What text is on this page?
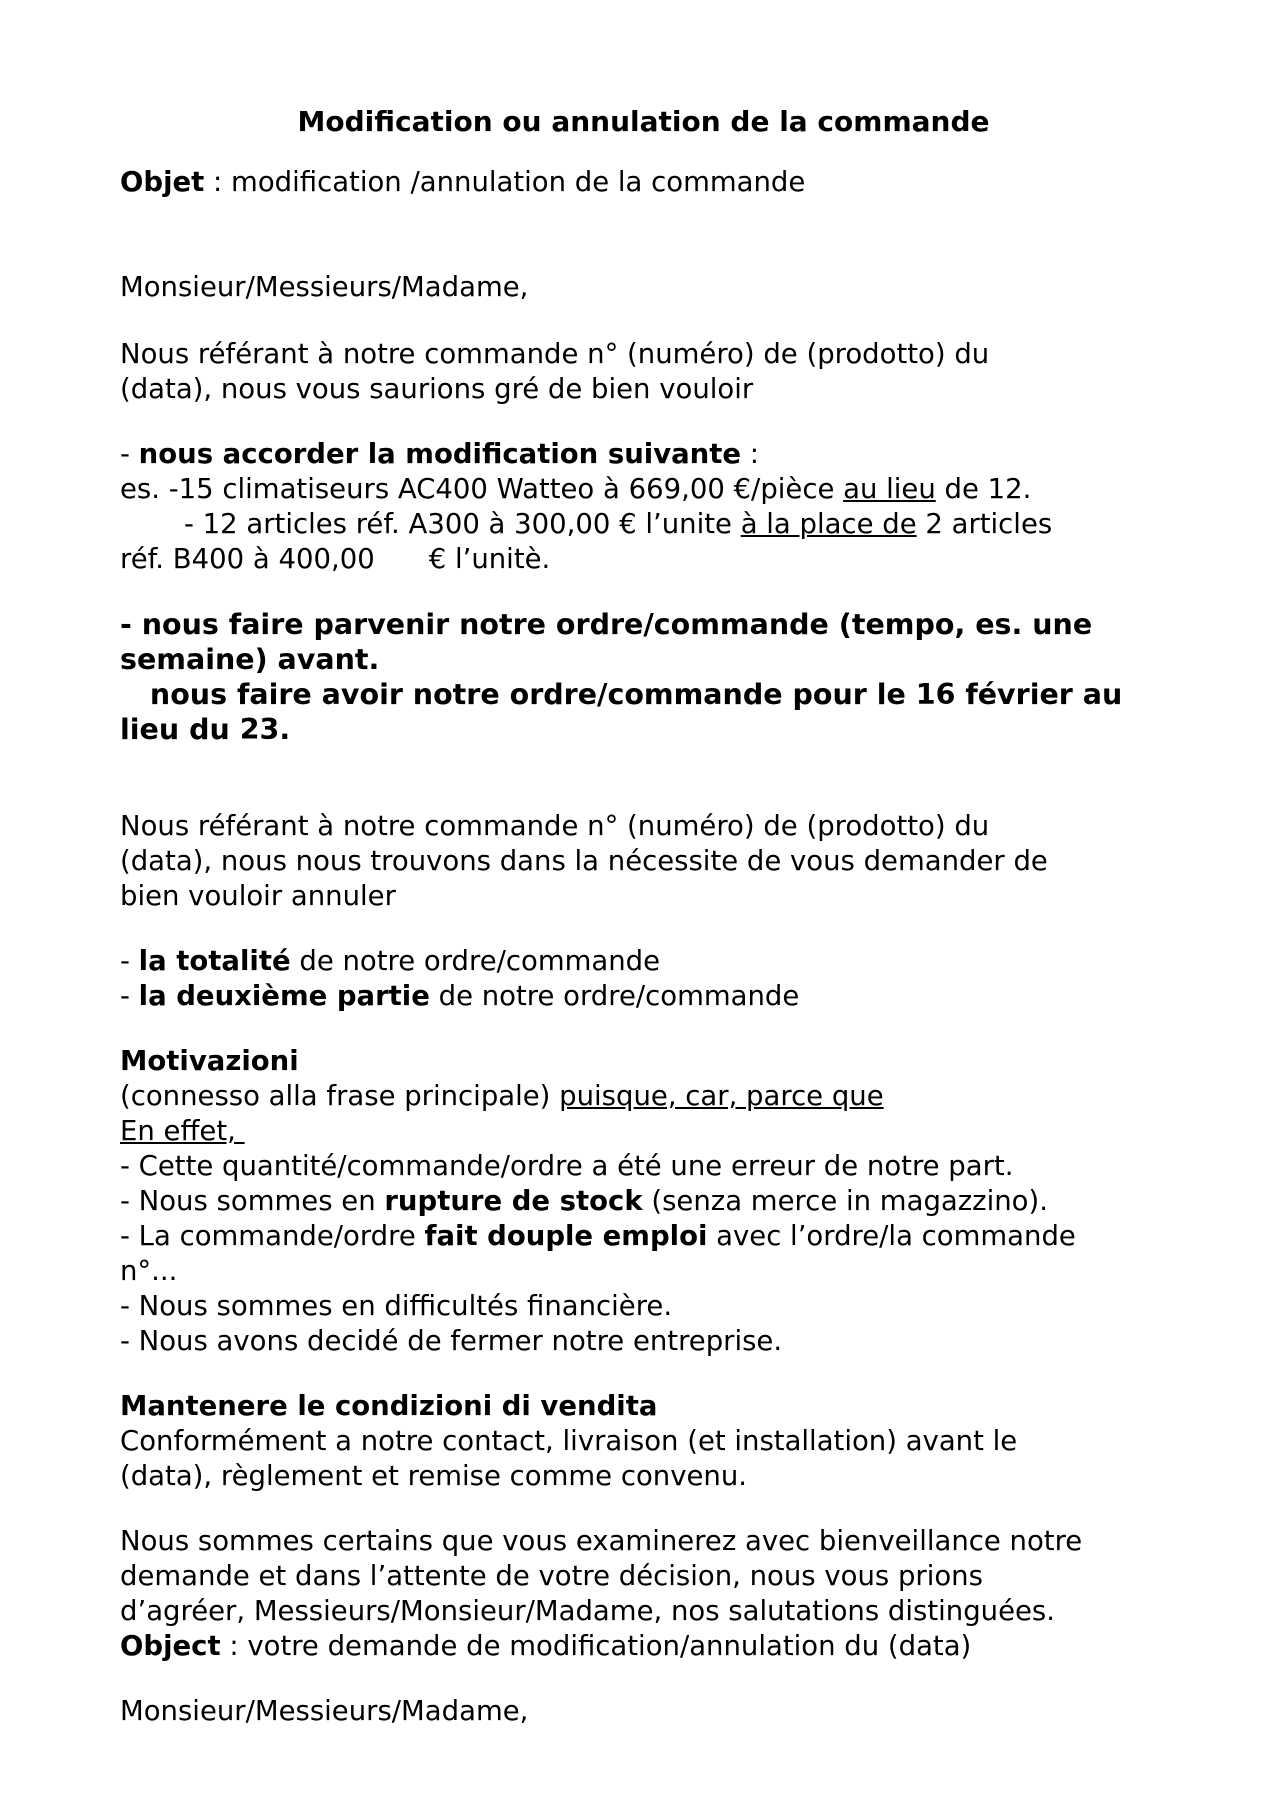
Modification ou annulation de la commande

Objet : modification /annulation de la commande

Monsieur/Messieurs/Madame,

Nous référant à notre commande n° (numéro) de (prodotto) du
(data), nous vous saurions gré de bien vouloir

- nous accorder la modification suivante :
es. -15 climatiseurs AC400 Watteo à 669,00 €/pièce au lieu de 12.
- 12 articles réf. A300 à 300,00 € l’unite à la place de 2 articles
réf. B400 à 400,00 € l’unitè.

- nous faire parvenir notre ordre/commande (tempo, es. une
semaine) avant.
nous faire avoir notre ordre/commande pour le 16 février au
lieu du 23.

Nous référant à notre commande n° (numéro) de (prodotto) du
(data), nous nous trouvons dans la nécessite de vous demander de
bien vouloir annuler

- la totalité de notre ordre/commande
- la deuxième partie de notre ordre/commande

Motivazioni
(connesso alla frase principale) puisque, car, parce que
En effet,
- Cette quantité/commande/ordre a été une erreur de notre part.
- Nous sommes en rupture de stock (senza merce in magazzino).
- La commande/ordre fait douple emploi avec l’ordre/la commande
n°...
- Nous sommes en difficultés financière.
- Nous avons decidé de fermer notre entreprise.

Mantenere le condizioni di vendita
Conformément a notre contact, livraison (et installation) avant le
(data), règlement et remise comme convenu.

Nous sommes certains que vous examinerez avec bienveillance notre
demande et dans l’attente de votre décision, nous vous prions
d’agréer, Messieurs/Monsieur/Madame, nos salutations distinguées.
Object : votre demande de modification/annulation du (data)

Monsieur/Messieurs/Madame,
